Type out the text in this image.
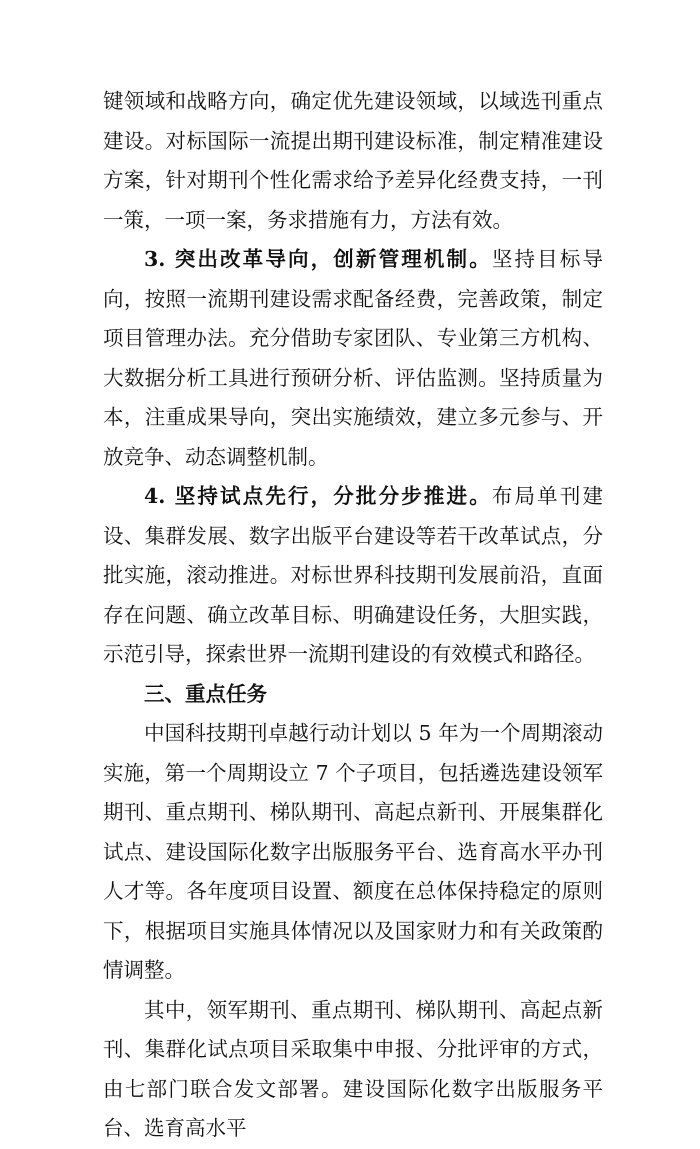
键领域和战略方向，确定优先建设领域，以域选刊重点建设。对标国际一流提出期刊建设标准，制定精准建设方案，针对期刊个性化需求给予差异化经费支持，一刊一策，一项一案，务求措施有力，方法有效。

3. 突出改革导向，创新管理机制。坚持目标导向，按照一流期刊建设需求配备经费，完善政策，制定项目管理办法。充分借助专家团队、专业第三方机构、大数据分析工具进行预研分析、评估监测。坚持质量为本，注重成果导向，突出实施绩效，建立多元参与、开放竞争、动态调整机制。

4. 坚持试点先行，分批分步推进。布局单刊建设、集群发展、数字出版平台建设等若干改革试点，分批实施，滚动推进。对标世界科技期刊发展前沿，直面存在问题、确立改革目标、明确建设任务，大胆实践，示范引导，探索世界一流期刊建设的有效模式和路径。

三、重点任务

中国科技期刊卓越行动计划以 5 年为一个周期滚动实施，第一个周期设立 7 个子项目，包括遴选建设领军期刊、重点期刊、梯队期刊、高起点新刊、开展集群化试点、建设国际化数字出版服务平台、选育高水平办刊人才等。各年度项目设置、额度在总体保持稳定的原则下，根据项目实施具体情况以及国家财力和有关政策酌情调整。

其中，领军期刊、重点期刊、梯队期刊、高起点新刊、集群化试点项目采取集中申报、分批评审的方式，由七部门联合发文部署。建设国际化数字出版服务平台、选育高水平
